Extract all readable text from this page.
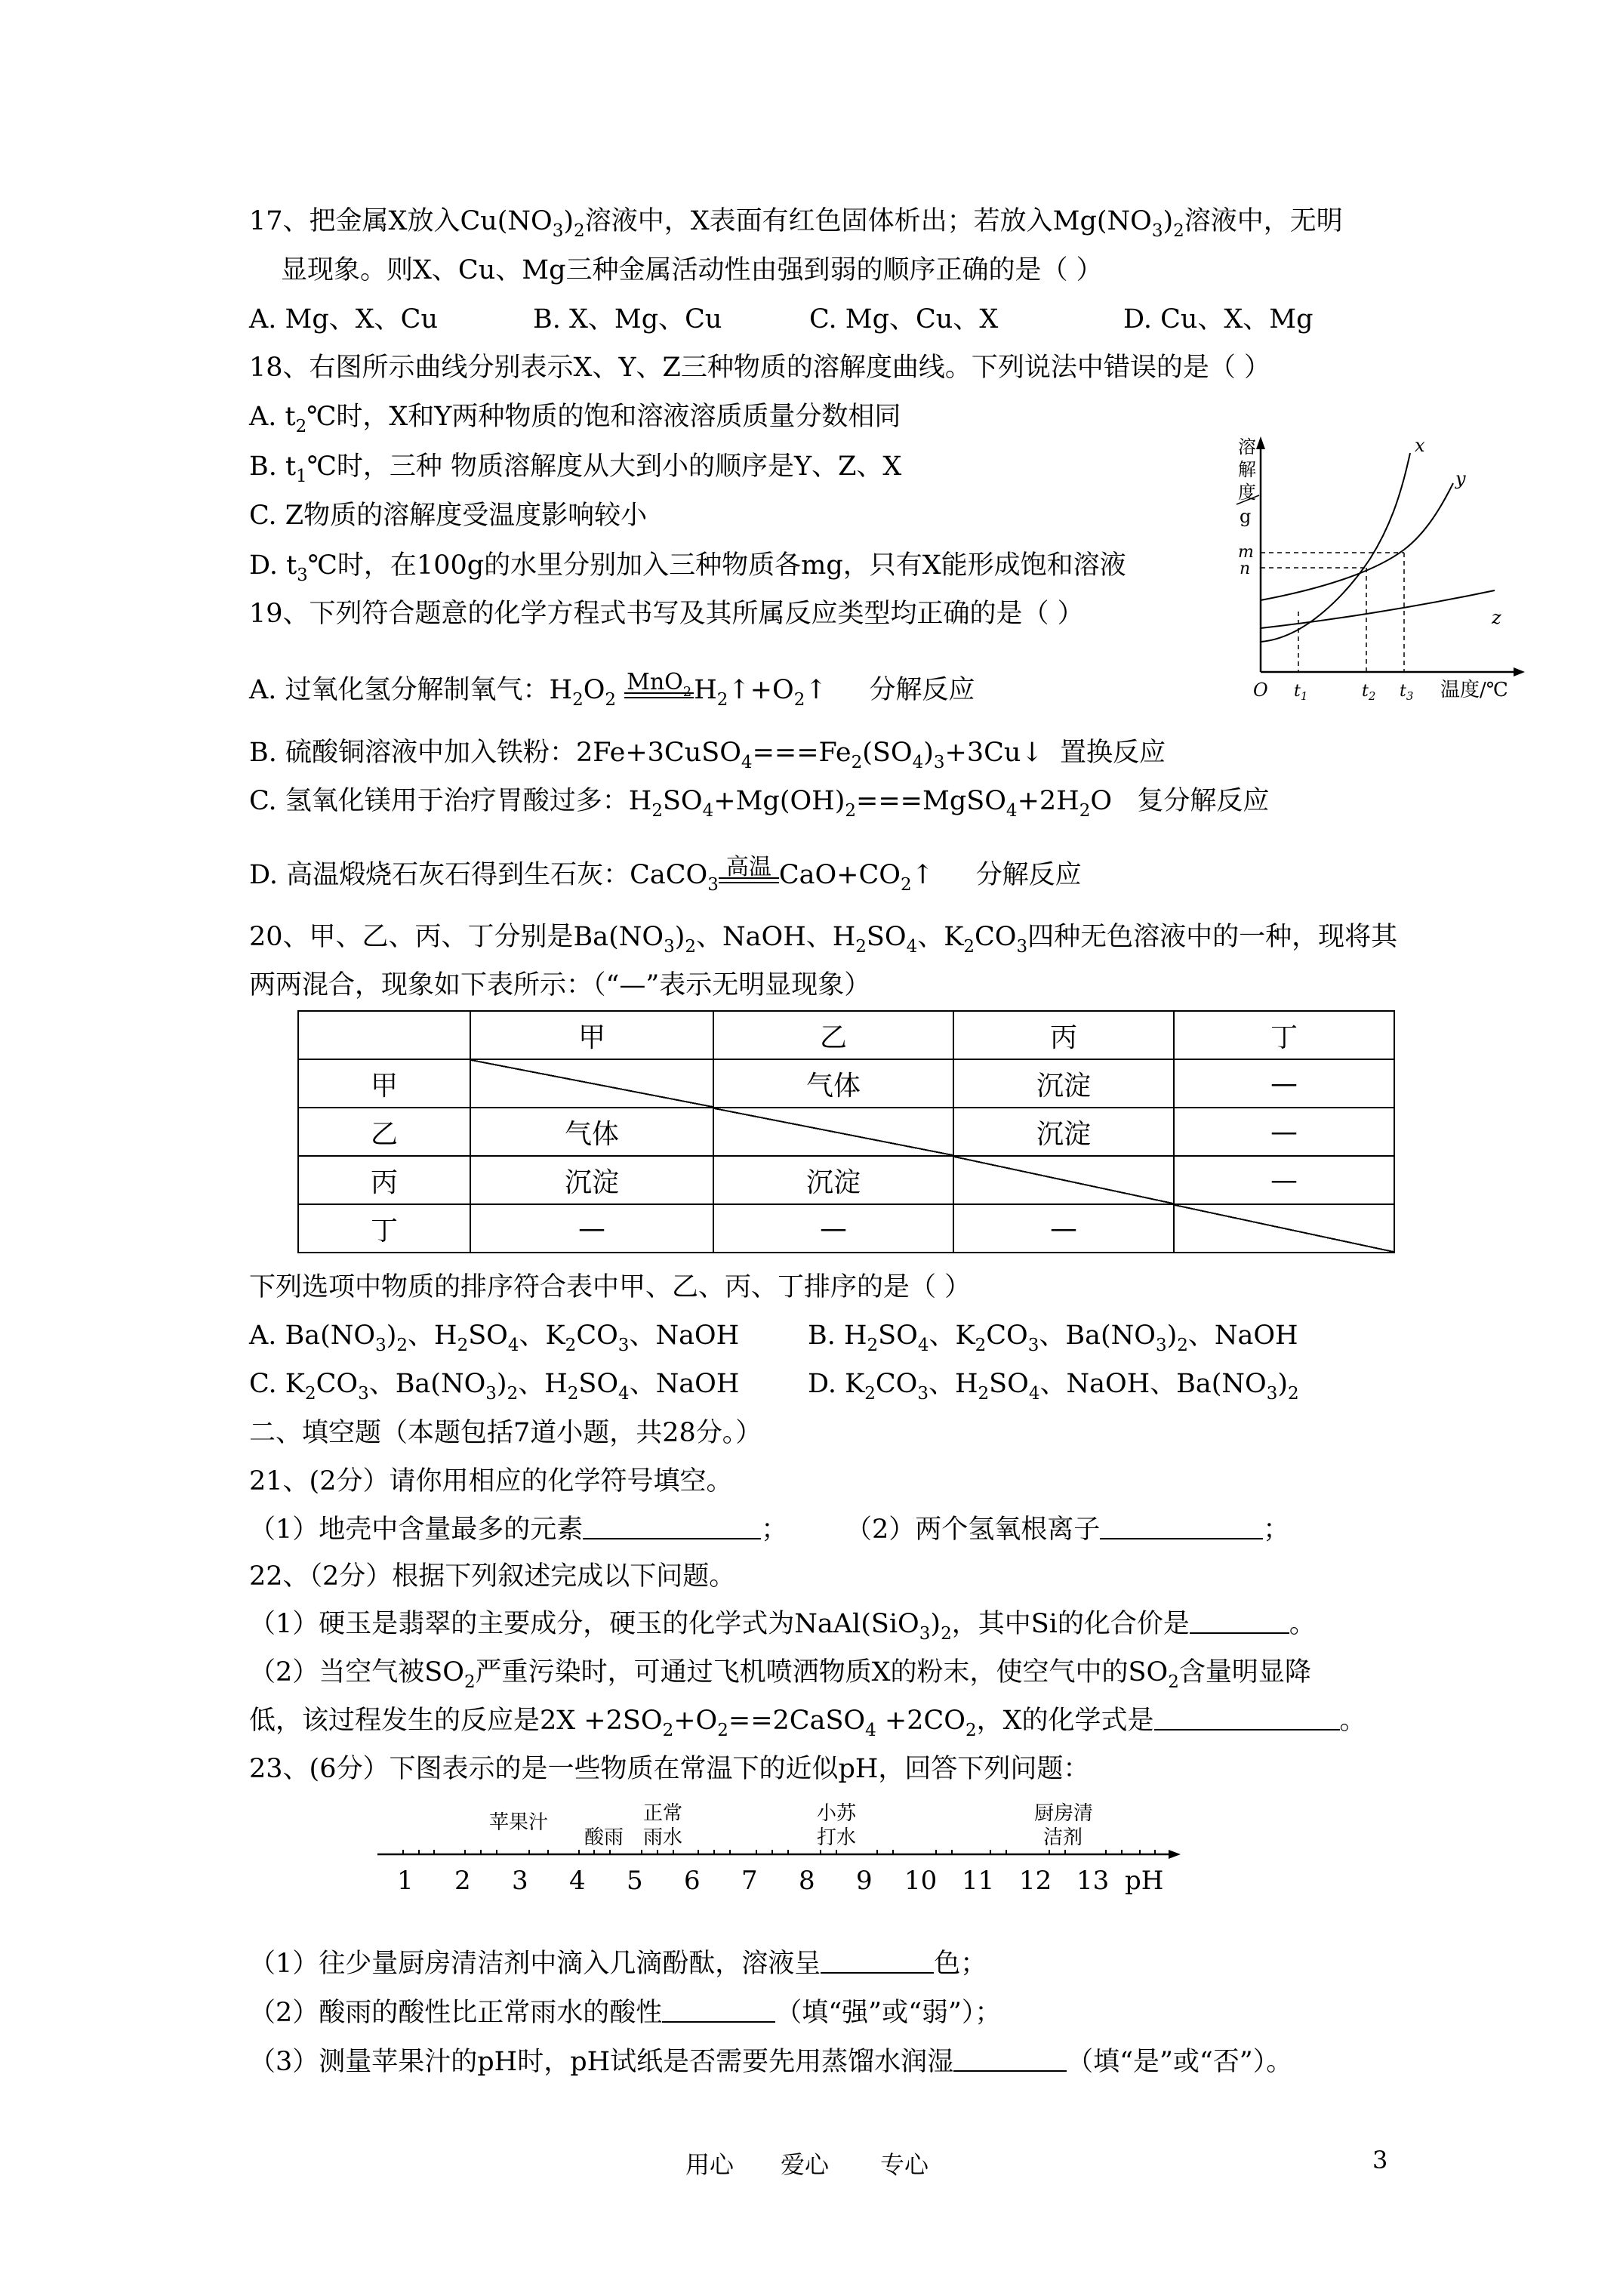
17、把金属X放入$Cu(NO_3)_2$溶液中，X表面有红色固体析出；若放入$Mg(NO_3)_2$溶液中，无明
显现象。则X、Cu、Mg三种金属活动性由强到弱的顺序正确的是（ ）
A. Mg、X、Cu	B. X、Mg、Cu	C. Mg、Cu、X	D. Cu、X、Mg
18、右图所示曲线分别表示X、Y、Z三种物质的溶解度曲线。下列说法中错误的是（ ）
A. $t_2℃$时，X和Y两种物质的饱和溶液溶质质量分数相同
B. $t_1℃$时，三种 物质溶解度从大到小的顺序是Y、Z、X
C. Z物质的溶解度受温度影响较小
D. $t_3℃$时，在100g的水里分别加入三种物质各mg，只有X能形成饱和溶液
溶
解
度
g
m
n
x
y
z
O $t_1$	$t_2$ $t_3$ 温度/℃
19、下列符合题意的化学方程式书写及其所属反应类型均正确的是（ ）
A. 过氧化氢分解制氧气：$H_2O_2$
MnO$_2$ $H_2↑+O_2↑$     分解反应
B. 硫酸铜溶液中加入铁粉：$2Fe+3CuSO_4===Fe_2(SO_4)_3+3Cu↓$ 置换反应
C. 氢氧化镁用于治疗胃酸过多：$H_2SO_4+Mg(OH)_2===MgSO_4+2H_2O$   复分解反应
D. 高温煅烧石灰石得到生石灰：CaCO$_3$
高温 $CaO+CO_2↑$     分解反应
20、甲、乙、丙、丁分别是$Ba(NO_3)_2$、NaOH、$H_2SO_4$、$K_2CO_3$四种无色溶液中的一种，现将其
两两混合，现象如下表所示：（“—”表示无明显现象）
	甲	乙	丙	丁
甲		气体	沉淀	—
乙	气体		沉淀	—
丙	沉淀	沉淀		—
丁	—	—	—	
下列选项中物质的排序符合表中甲、乙、丙、丁排序的是（ ）
A. $Ba(NO_3)_2$、$H_2SO_4$、$K_2CO_3$、NaOH	B. $H_2SO_4$、$K_2CO_3$、$Ba(NO_3)_2$、NaOH
C. $K_2CO_3$、$Ba(NO_3)_2$、$H_2SO_4$、NaOH	D. $K_2CO_3$、$H_2SO_4$、NaOH、$Ba(NO_3)_2$
二、填空题（本题包括7道小题，共28分。）
21、(2分）请你用相应的化学符号填空。
（1）地壳中含量最多的元素	； （2）两个氢氧根离子	；
22、（2分）根据下列叙述完成以下问题。
（1）硬玉是翡翠的主要成分，硬玉的化学式为$NaAl(SiO_3)_2$，其中Si的化合价是	。
（2）当空气被$SO_2$严重污染时，可通过飞机喷洒物质X的粉末，使空气中的$SO_2$含量明显降
低，该过程发生的反应是$2X +2SO_2+O_2==2CaSO_4 +2CO_2$，X的化学式是	。
23、(6分）下图表示的是一些物质在常温下的近似pH，回答下列问题：
1 2 3 4 5 6 7 8 9 10 11 12 13 pH
苹果汁
酸雨
正常
雨水
小苏
打水
厨房清
洁剂
（1）往少量厨房清洁剂中滴入几滴酚酞，溶液呈	色；
（2）酸雨的酸性比正常雨水的酸性	（填“强”或“弱”）；
（3）测量苹果汁的pH时，pH试纸是否需要先用蒸馏水润湿	（填“是”或“否”）。
用心 爱心 专心	3
